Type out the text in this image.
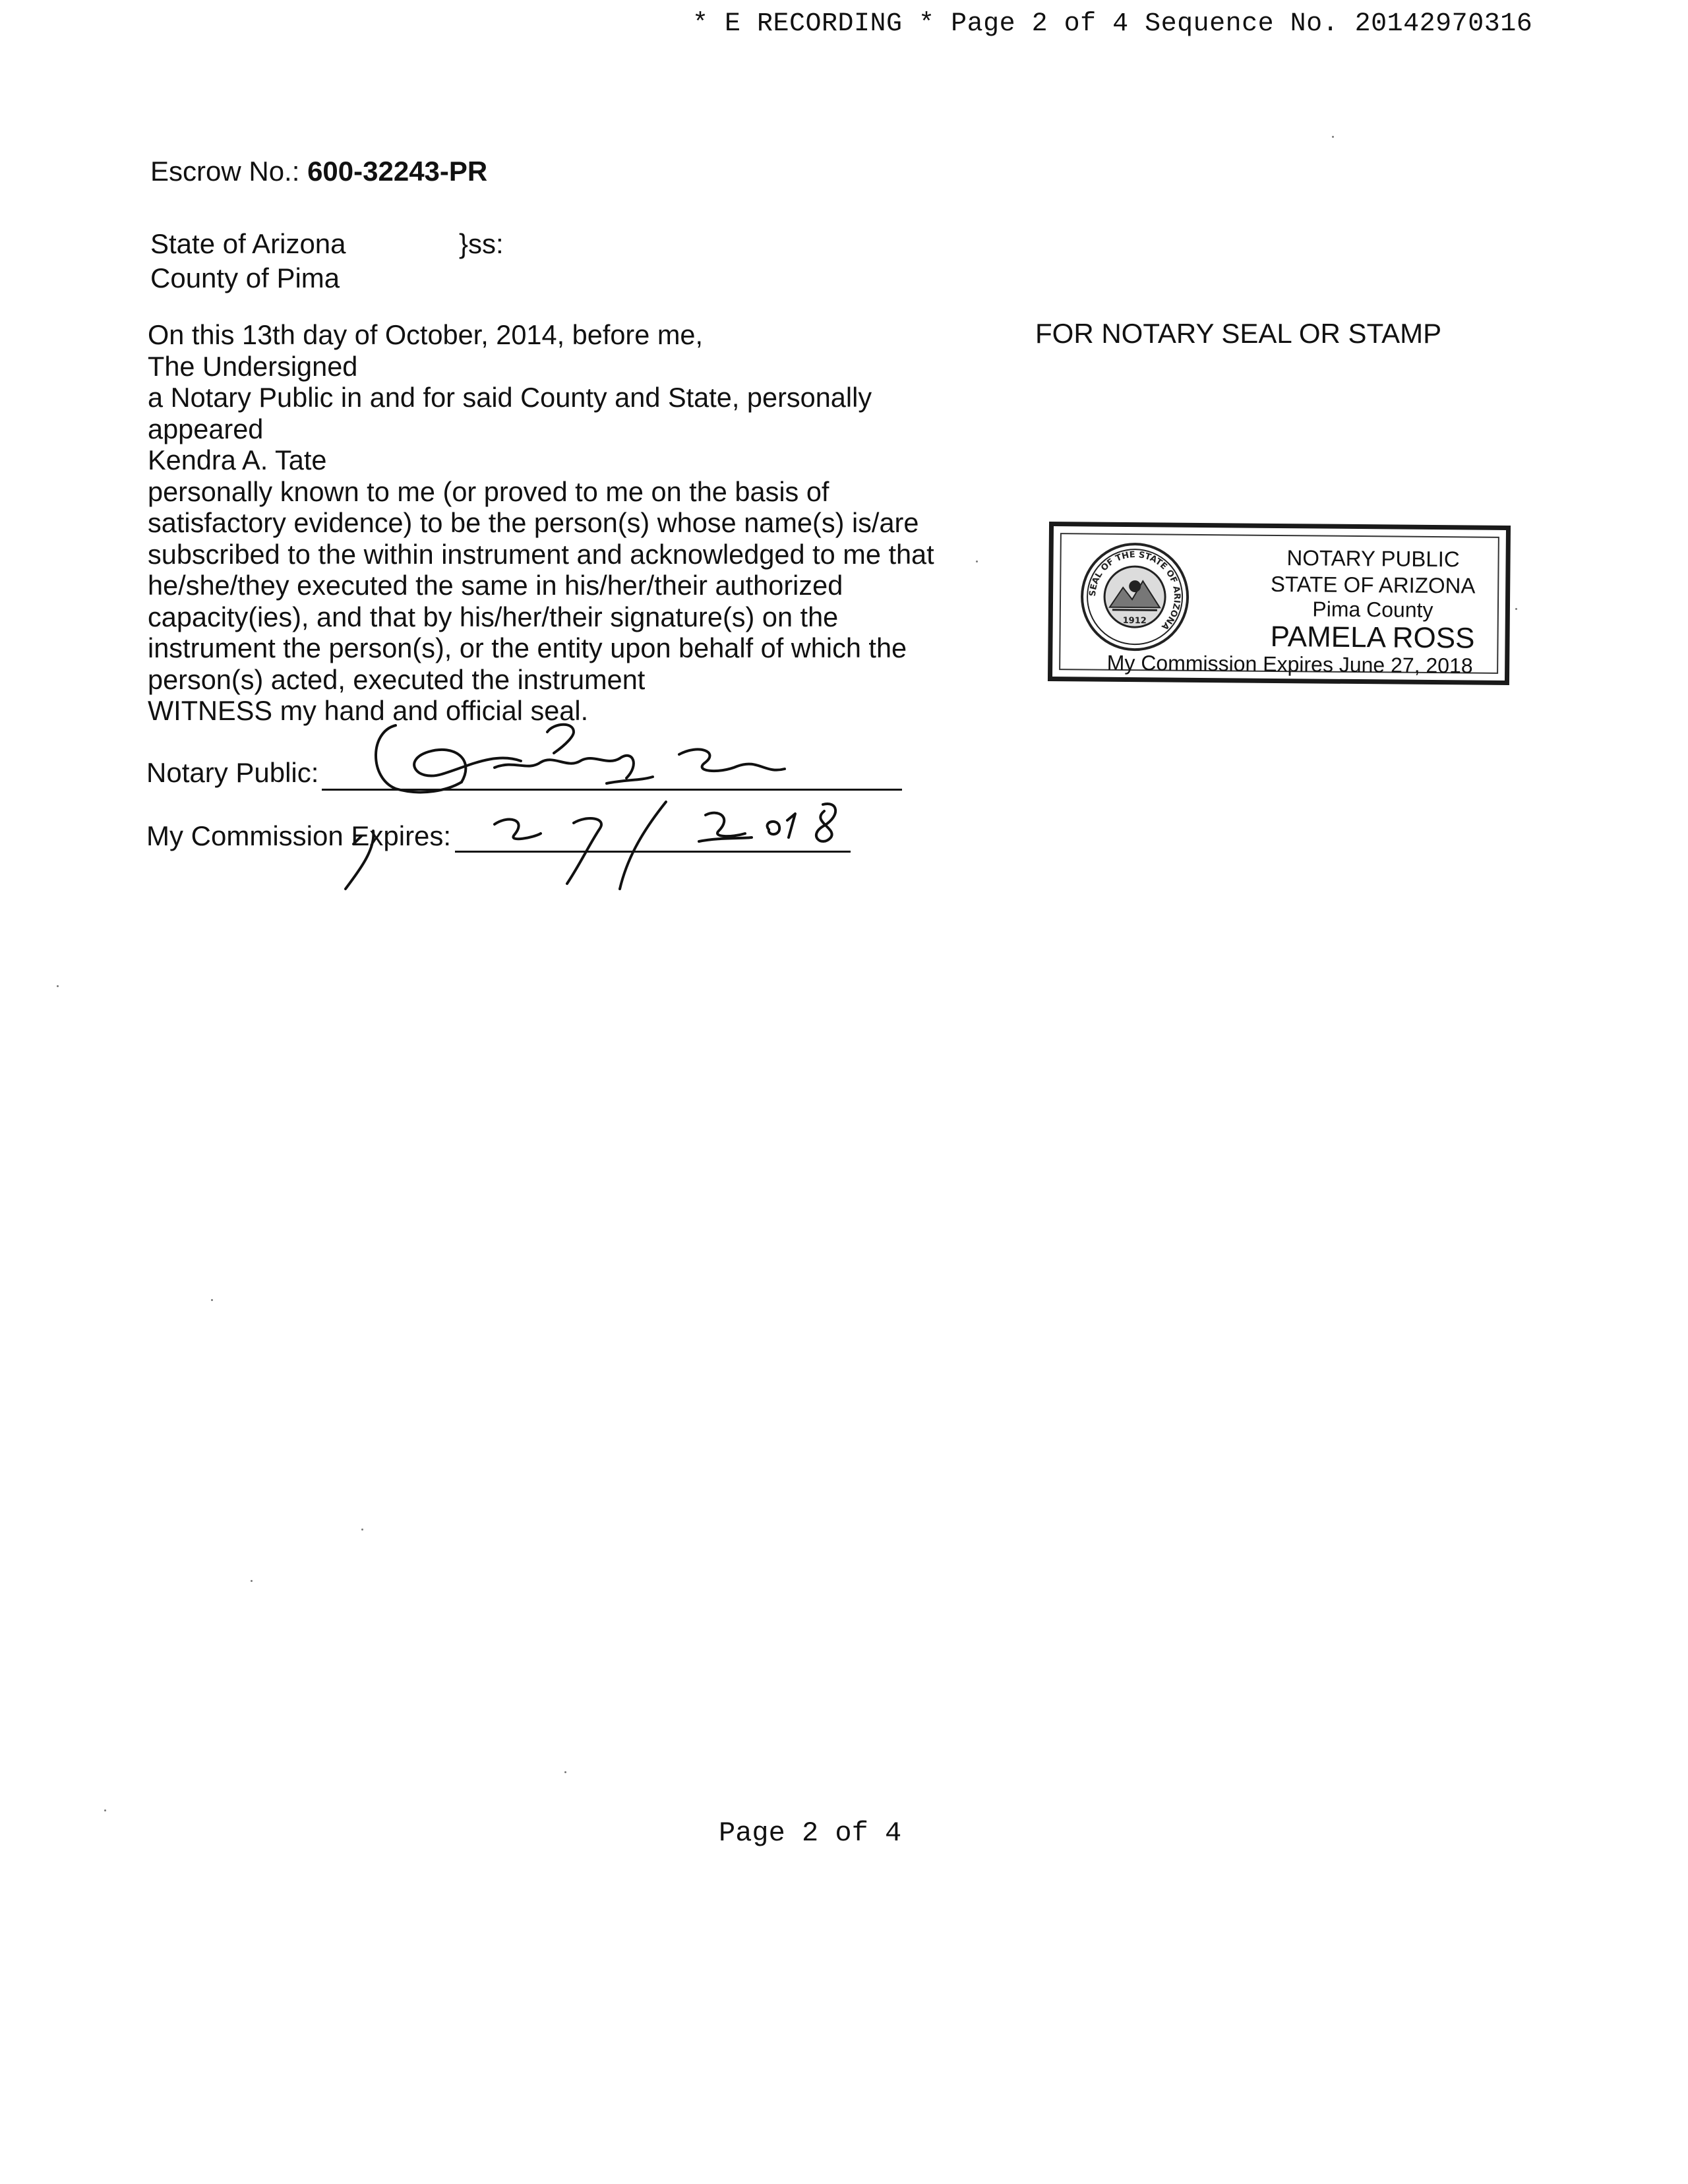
* E RECORDING * Page 2 of 4 Sequence No. 20142970316
Escrow No.: 600-32243-PR
State of Arizona	}ss:
County of Pima
On this 13th day of October, 2014, before me,
The Undersigned
a Notary Public in and for said County and State, personally
appeared
Kendra A. Tate
personally known to me (or proved to me on the basis of
satisfactory evidence) to be the person(s) whose name(s) is/are
subscribed to the within instrument and acknowledged to me that
he/she/they executed the same in his/her/their authorized
capacity(ies), and that by his/her/their signature(s) on the
instrument the person(s), or the entity upon behalf of which the
person(s) acted, executed the instrument
WITNESS my hand and official seal.
FOR NOTARY SEAL OR STAMP
SEAL OF THE STATE OF ARIZONA
1912
NOTARY PUBLIC
STATE OF ARIZONA
Pima County
PAMELA ROSS
My Commission Expires June 27, 2018
Notary Public:
My Commission Expires:
Page 2 of 4
